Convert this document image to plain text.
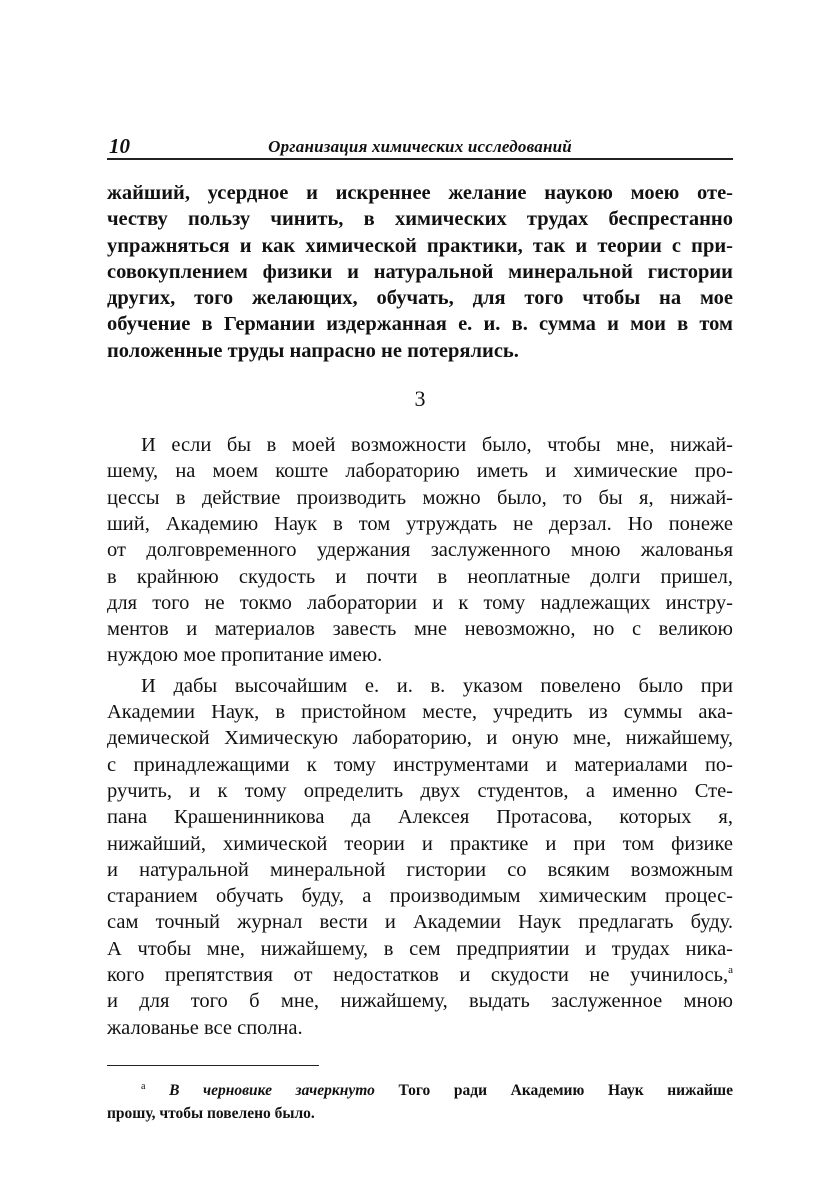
10	Организация химических исследований

жайший, усердное и искреннее желание наукою моею оте-

честву пользу чинить, в химических трудах беспрестанно

упражняться и как химической практики, так и теории с при-

совокуплением физики и натуральной минеральной гистории

других, того желающих, обучать, для того чтобы на мое

обучение в Германии издержанная е. и. в. сумма и мои в том

положенные труды напрасно не потерялись.

3

И если бы в моей возможности было, чтобы мне, нижай-

шему, на моем коште лабораторию иметь и химические про-

цессы в действие производить можно было, то бы я, нижай-

ший, Академию Наук в том утруждать не дерзал. Но понеже

от долговременного удержания заслуженного мною жалованья

в крайнюю скудость и почти в неоплатные долги пришел,

для того не токмо лаборатории и к тому надлежащих инстру-

ментов и материалов завесть мне невозможно, но с великою

нуждою мое пропитание имею.

И дабы высочайшим е. и. в. указом повелено было при

Академии Наук, в пристойном месте, учредить из суммы ака-

демической Химическую лабораторию, и оную мне, нижайшему,

с принадлежащими к тому инструментами и материалами по-

ручить, и к тому определить двух студентов, а именно Сте-

пана Крашенинникова да Алексея Протасова, которых я,

нижайший, химической теории и практике и при том физике

и натуральной минеральной гистории со всяким возможным

старанием обучать буду, а производимым химическим процес-

сам точный журнал вести и Академии Наук предлагать буду.

А чтобы мне, нижайшему, в сем предприятии и трудах ника-

кого препятствия от недостатков и скудости не учинилось,$^а$

и для того б мне, нижайшему, выдать заслуженное мною

жалованье все сполна.

$^а$ В черновике зачеркнуто Того ради Академию Наук нижайше

прошу, чтобы повелено было.
